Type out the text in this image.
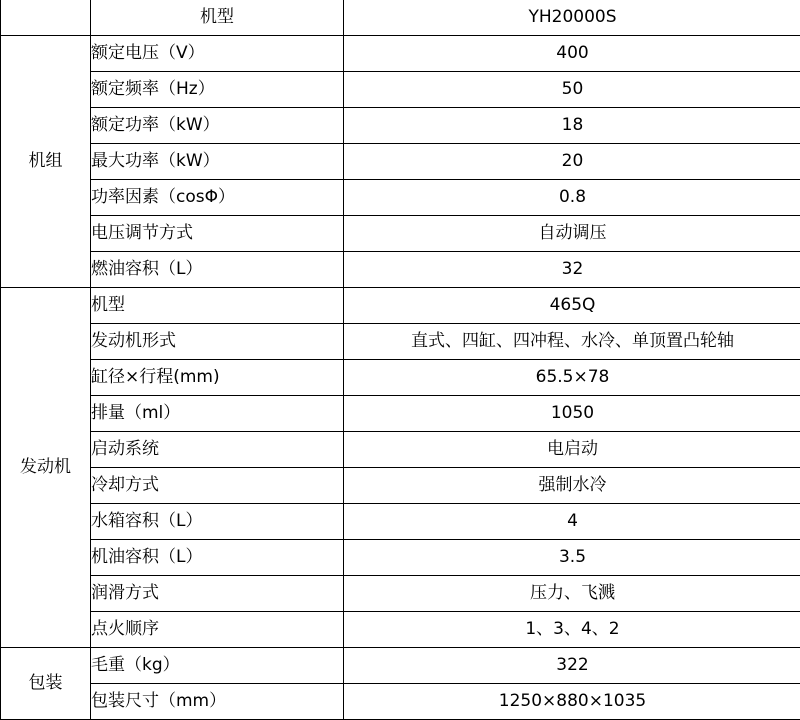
	机型	YH20000S
机组	额定电压（V）	400
	额定频率（Hz）	50
	额定功率（kW）	18
	最大功率（kW）	20
	功率因素（cosΦ）	0.8
	电压调节方式	自动调压
	燃油容积（L）	32
发动机	机型	465Q
	发动机形式	直式、四缸、四冲程、水冷、单顶置凸轮轴
	缸径×行程(mm)	65.5×78
	排量（ml）	1050
	启动系统	电启动
	冷却方式	强制水冷
	水箱容积（L）	4
	机油容积（L）	3.5
	润滑方式	压力、飞溅
	点火顺序	1、3、4、2
包装	毛重（kg）	322
	包装尺寸（mm）	1250×880×1035
